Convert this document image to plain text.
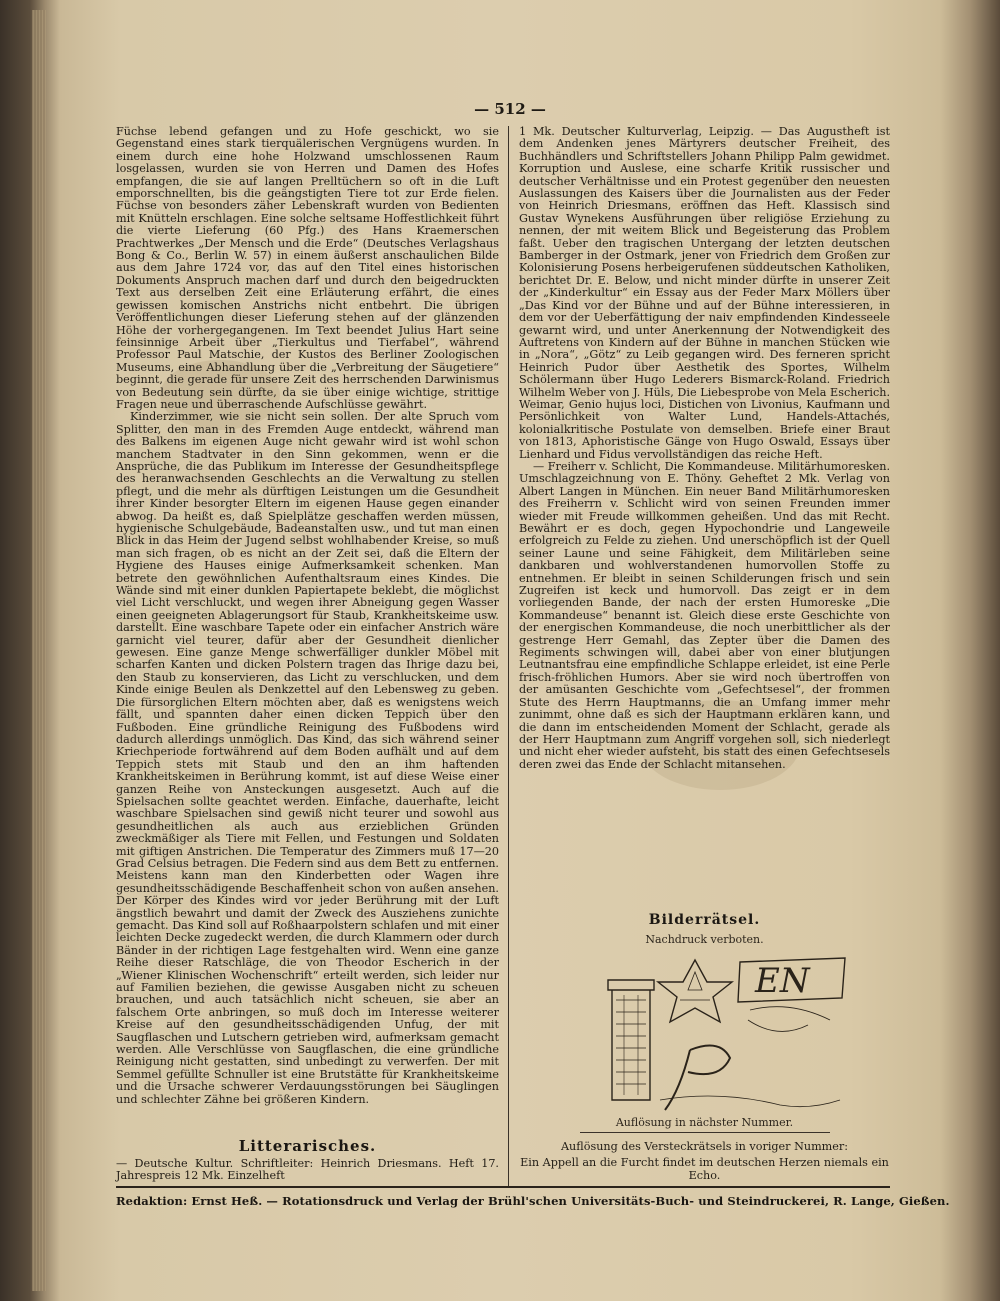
— 512 —

Füchse lebend gefangen und zu Hofe geschickt, wo sie Gegenstand eines stark tierquälerischen Vergnügens wurden. In einem durch eine hohe Holzwand umschlossenen Raum losgelassen, wurden sie von Herren und Damen des Hofes empfangen, die sie auf langen Prelltüchern so oft in die Luft emporschnellten, bis die geängstigten Tiere tot zur Erde fielen. Füchse von besonders zäher Lebenskraft wurden von Bedienten mit Knütteln erschlagen. Eine solche seltsame Hoffestlichkeit führt die vierte Lieferung (60 Pfg.) des Hans Kraemerschen Prachtwerkes „Der Mensch und die Erde“ (Deutsches Verlagshaus Bong & Co., Berlin W. 57) in einem äußerst anschaulichen Bilde aus dem Jahre 1724 vor, das auf den Titel eines historischen Dokuments Anspruch machen darf und durch den beigedruckten Text aus derselben Zeit eine Erläuterung erfährt, die eines gewissen komischen Anstrichs nicht entbehrt. Die übrigen Veröffentlichungen dieser Lieferung stehen auf der glänzenden Höhe der vorhergegangenen. Im Text beendet Julius Hart seine feinsinnige Arbeit über „Tierkultus und Tierfabel“, während Professor Paul Matschie, der Kustos des Berliner Zoologischen Museums, eine Abhandlung über die „Verbreitung der Säugetiere“ beginnt, die gerade für unsere Zeit des herrschenden Darwinismus von Bedeutung sein dürfte, da sie über einige wichtige, strittige Fragen neue und überraschende Aufschlüsse gewährt.

Kinderzimmer, wie sie nicht sein sollen. Der alte Spruch vom Splitter, den man in des Fremden Auge entdeckt, während man des Balkens im eigenen Auge nicht gewahr wird ist wohl schon manchem Stadtvater in den Sinn gekommen, wenn er die Ansprüche, die das Publikum im Interesse der Gesundheitspflege des heranwachsenden Geschlechts an die Verwaltung zu stellen pflegt, und die mehr als dürftigen Leistungen um die Gesundheit ihrer Kinder besorgter Eltern im eigenen Hause gegen einander abwog. Da heißt es, daß Spielplätze geschaffen werden müssen, hygienische Schulgebäude, Badeanstalten usw., und tut man einen Blick in das Heim der Jugend selbst wohlhabender Kreise, so muß man sich fragen, ob es nicht an der Zeit sei, daß die Eltern der Hygiene des Hauses einige Aufmerksamkeit schenken. Man betrete den gewöhnlichen Aufenthaltsraum eines Kindes. Die Wände sind mit einer dunklen Papiertapete beklebt, die möglichst viel Licht verschluckt, und wegen ihrer Abneigung gegen Wasser einen geeigneten Ablagerungsort für Staub, Krankheitskeime usw. darstellt. Eine waschbare Tapete oder ein einfacher Anstrich wäre garnicht viel teurer, dafür aber der Gesundheit dienlicher gewesen. Eine ganze Menge schwerfälliger dunkler Möbel mit scharfen Kanten und dicken Polstern tragen das Ihrige dazu bei, den Staub zu konservieren, das Licht zu verschlucken, und dem Kinde einige Beulen als Denkzettel auf den Lebensweg zu geben. Die fürsorglichen Eltern möchten aber, daß es wenigstens weich fällt, und spannten daher einen dicken Teppich über den Fußboden. Eine gründliche Reinigung des Fußbodens wird dadurch allerdings unmöglich. Das Kind, das sich während seiner Kriechperiode fortwährend auf dem Boden aufhält und auf dem Teppich stets mit Staub und den an ihm haftenden Krankheitskeimen in Berührung kommt, ist auf diese Weise einer ganzen Reihe von Ansteckungen ausgesetzt. Auch auf die Spielsachen sollte geachtet werden. Einfache, dauerhafte, leicht waschbare Spielsachen sind gewiß nicht teurer und sowohl aus gesundheitlichen als auch aus erzieblichen Gründen zweckmäßiger als Tiere mit Fellen, und Festungen und Soldaten mit giftigen Anstrichen. Die Temperatur des Zimmers muß 17—20 Grad Celsius betragen. Die Federn sind aus dem Bett zu entfernen. Meistens kann man den Kinderbetten oder Wagen ihre gesundheitsschädigende Beschaffenheit schon von außen ansehen. Der Körper des Kindes wird vor jeder Berührung mit der Luft ängstlich bewahrt und damit der Zweck des Ausziehens zunichte gemacht. Das Kind soll auf Roßhaarpolstern schlafen und mit einer leichten Decke zugedeckt werden, die durch Klammern oder durch Bänder in der richtigen Lage festgehalten wird. Wenn eine ganze Reihe dieser Ratschläge, die von Theodor Escherich in der „Wiener Klinischen Wochenschrift“ erteilt werden, sich leider nur auf Familien beziehen, die gewisse Ausgaben nicht zu scheuen brauchen, und auch tatsächlich nicht scheuen, sie aber an falschem Orte anbringen, so muß doch im Interesse weiterer Kreise auf den gesundheitsschädigenden Unfug, der mit Saugflaschen und Lutschern getrieben wird, aufmerksam gemacht werden. Alle Verschlüsse von Saugflaschen, die eine gründliche Reinigung nicht gestatten, sind unbedingt zu verwerfen. Der mit Semmel gefüllte Schnuller ist eine Brutstätte für Krankheitskeime und die Ursache schwerer Verdauungsstörungen bei Säuglingen und schlechter Zähne bei größeren Kindern.

Litterarisches.
— Deutsche Kultur. Schriftleiter: Heinrich Driesmans. Heft 17. Jahrespreis 12 Mk. Einzelheft

1 Mk. Deutscher Kulturverlag, Leipzig. — Das Augustheft ist dem Andenken jenes Märtyrers deutscher Freiheit, des Buchhändlers und Schriftstellers Johann Philipp Palm gewidmet. Korruption und Auslese, eine scharfe Kritik russischer und deutscher Verhältnisse und ein Protest gegenüber den neuesten Auslassungen des Kaisers über die Journalisten aus der Feder von Heinrich Driesmans, eröffnen das Heft. Klassisch sind Gustav Wynekens Ausführungen über religiöse Erziehung zu nennen, der mit weitem Blick und Begeisterung das Problem faßt. Ueber den tragischen Untergang der letzten deutschen Bamberger in der Ostmark, jener von Friedrich dem Großen zur Kolonisierung Posens herbeigerufenen süddeutschen Katholiken, berichtet Dr. E. Below, und nicht minder dürfte in unserer Zeit der „Kinderkultur“ ein Essay aus der Feder Marx Möllers über „Das Kind vor der Bühne und auf der Bühne interessieren, in dem vor der Ueberfättigung der naiv empfindenden Kindesseele gewarnt wird, und unter Anerkennung der Notwendigkeit des Auftretens von Kindern auf der Bühne in manchen Stücken wie in „Nora“, „Götz“ zu Leib gegangen wird. Des ferneren spricht Heinrich Pudor über Aesthetik des Sportes, Wilhelm Schölermann über Hugo Lederers Bismarck-Roland. Friedrich Wilhelm Weber von J. Hüls, Die Liebesprobe von Mela Escherich. Weimar, Genio hujus loci, Distichen von Livonius, Kaufmann und Persönlichkeit von Walter Lund, Handels-Attachés, kolonialkritische Postulate von demselben. Briefe einer Braut von 1813, Aphoristische Gänge von Hugo Oswald, Essays über Lienhard und Fidus vervollständigen das reiche Heft.

— Freiherr v. Schlicht, Die Kommandeuse. Militärhumoresken. Umschlagzeichnung von E. Thöny. Geheftet 2 Mk. Verlag von Albert Langen in München. Ein neuer Band Militärhumoresken des Freiherrn v. Schlicht wird von seinen Freunden immer wieder mit Freude willkommen geheißen. Und das mit Recht. Bewährt er es doch, gegen Hypochondrie und Langeweile erfolgreich zu Felde zu ziehen. Und unerschöpflich ist der Quell seiner Laune und seine Fähigkeit, dem Militärleben seine dankbaren und wohlverstandenen humorvollen Stoffe zu entnehmen. Er bleibt in seinen Schilderungen frisch und sein Zugreifen ist keck und humorvoll. Das zeigt er in dem vorliegenden Bande, der nach der ersten Humoreske „Die Kommandeuse“ benannt ist. Gleich diese erste Geschichte von der energischen Kommandeuse, die noch unerbittlicher als der gestrenge Herr Gemahl, das Zepter über die Damen des Regiments schwingen will, dabei aber von einer blutjungen Leutnantsfrau eine empfindliche Schlappe erleidet, ist eine Perle frisch-fröhlichen Humors. Aber sie wird noch übertroffen von der amüsanten Geschichte vom „Gefechtsesel“, der frommen Stute des Herrn Hauptmanns, die an Umfang immer mehr zunimmt, ohne daß es sich der Hauptmann erklären kann, und die dann im entscheidenden Moment der Schlacht, gerade als der Herr Hauptmann zum Angriff vorgehen soll, sich niederlegt und nicht eher wieder aufsteht, bis statt des einen Gefechtsesels deren zwei das Ende der Schlacht mitansehen.

Bilderrätsel.
Nachdruck verboten.
EN
Auflösung in nächster Nummer.
Auflösung des Versteckrätsels in voriger Nummer:
Ein Appell an die Furcht findet im deutschen Herzen niemals ein Echo.
Redaktion: Ernst Heß. — Rotationsdruck und Verlag der Brühl'schen Universitäts-Buch- und Steindruckerei, R. Lange, Gießen.
